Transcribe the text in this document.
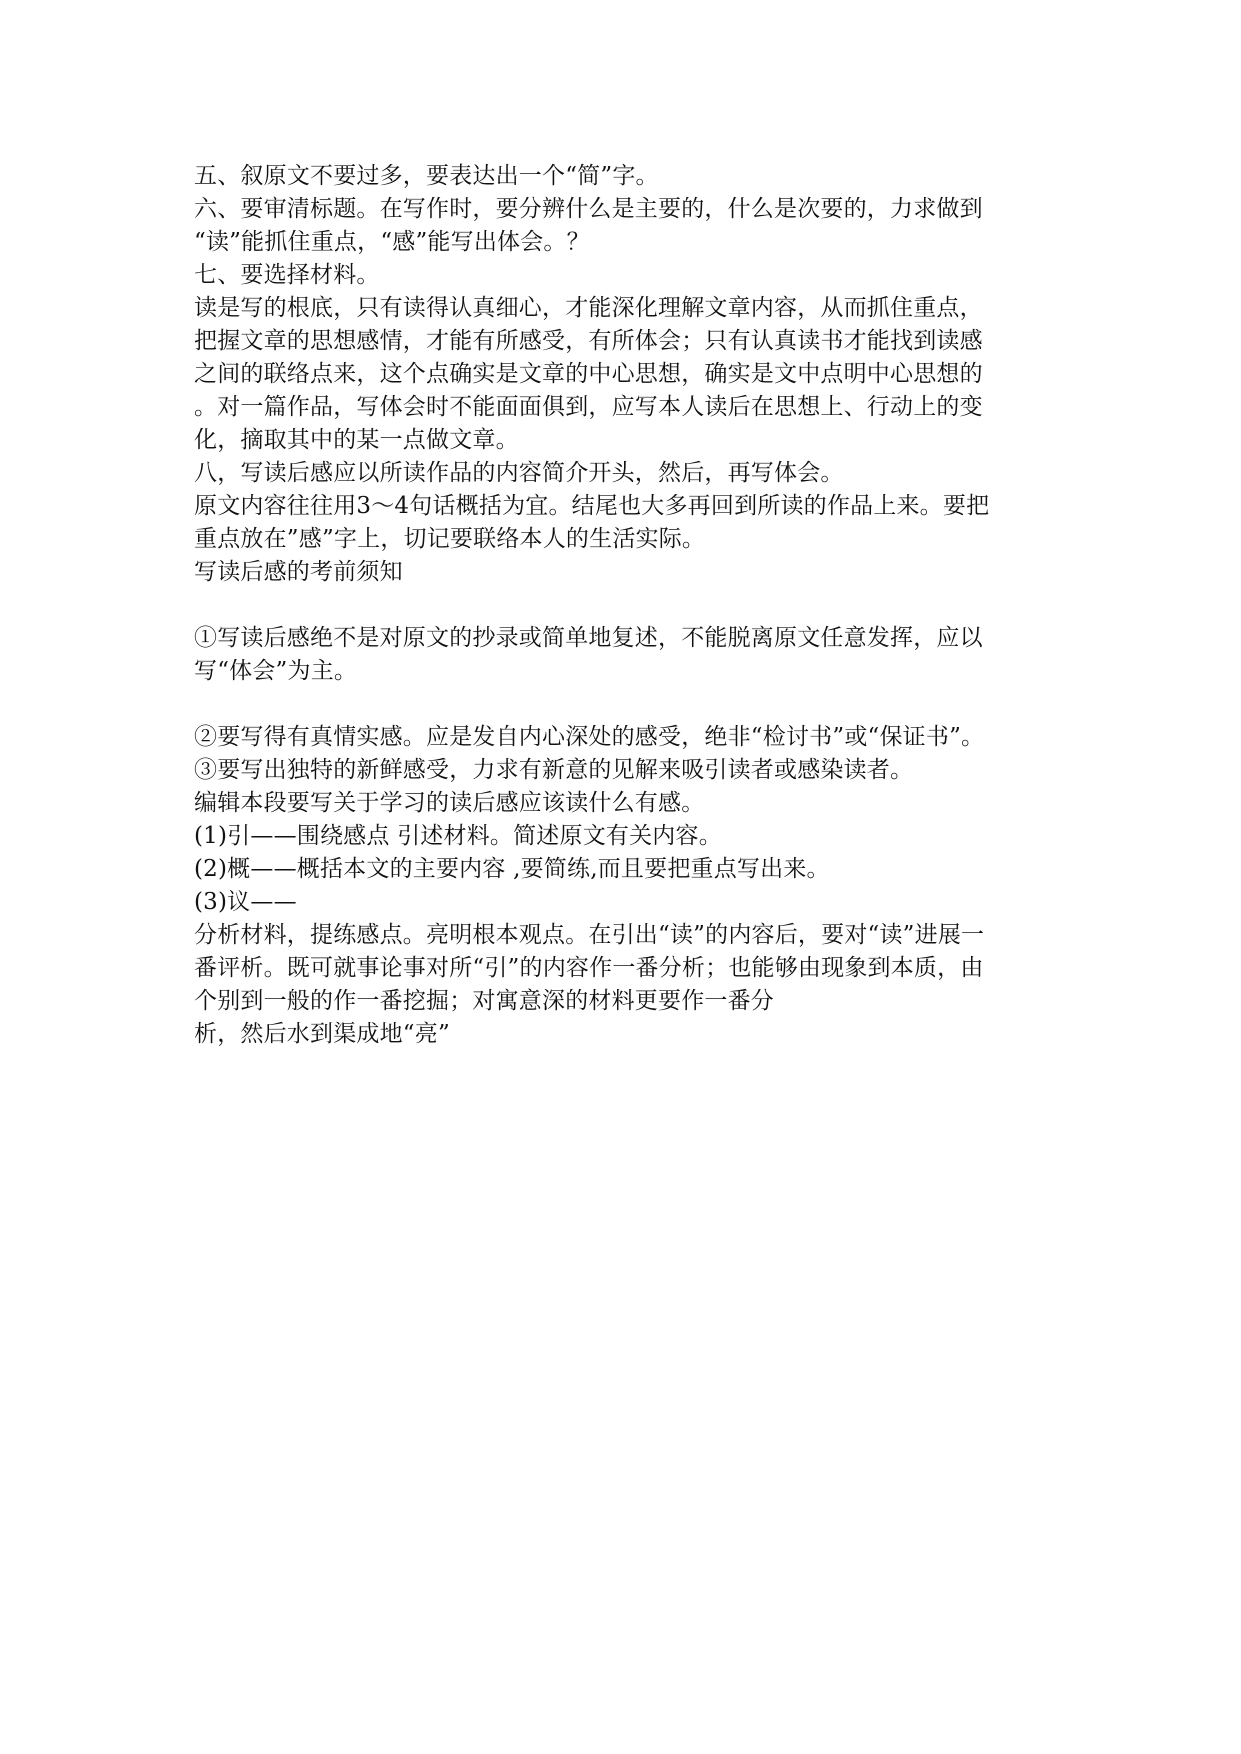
五、叙原文不要过多，要表达出一个“简”字。
六、要审清标题。在写作时，要分辨什么是主要的，什么是次要的，力求做到
“读”能抓住重点，“感”能写出体会。？
七、要选择材料。
读是写的根底，只有读得认真细心，才能深化理解文章内容，从而抓住重点，
把握文章的思想感情，才能有所感受，有所体会；只有认真读书才能找到读感
之间的联络点来，这个点确实是文章的中心思想，确实是文中点明中心思想的
。对一篇作品，写体会时不能面面俱到，应写本人读后在思想上、行动上的变
化，摘取其中的某一点做文章。
八，写读后感应以所读作品的内容简介开头，然后，再写体会。
原文内容往往用3～4句话概括为宜。结尾也大多再回到所读的作品上来。要把
重点放在”感”字上，切记要联络本人的生活实际。
写读后感的考前须知
①写读后感绝不是对原文的抄录或简单地复述，不能脱离原文任意发挥，应以
写“体会”为主。
②要写得有真情实感。应是发自内心深处的感受，绝非“检讨书”或“保证书”。
③要写出独特的新鲜感受，力求有新意的见解来吸引读者或感染读者。
编辑本段要写关于学习的读后感应该读什么有感。
(1)引——围绕感点 引述材料。简述原文有关内容。
(2)概——概括本文的主要内容 ,要简练,而且要把重点写出来。
(3)议——
分析材料，提练感点。亮明根本观点。在引出“读”的内容后，要对“读”进展一
番评析。既可就事论事对所“引”的内容作一番分析；也能够由现象到本质，由
个别到一般的作一番挖掘；对寓意深的材料更要作一番分
析，然后水到渠成地“亮”
